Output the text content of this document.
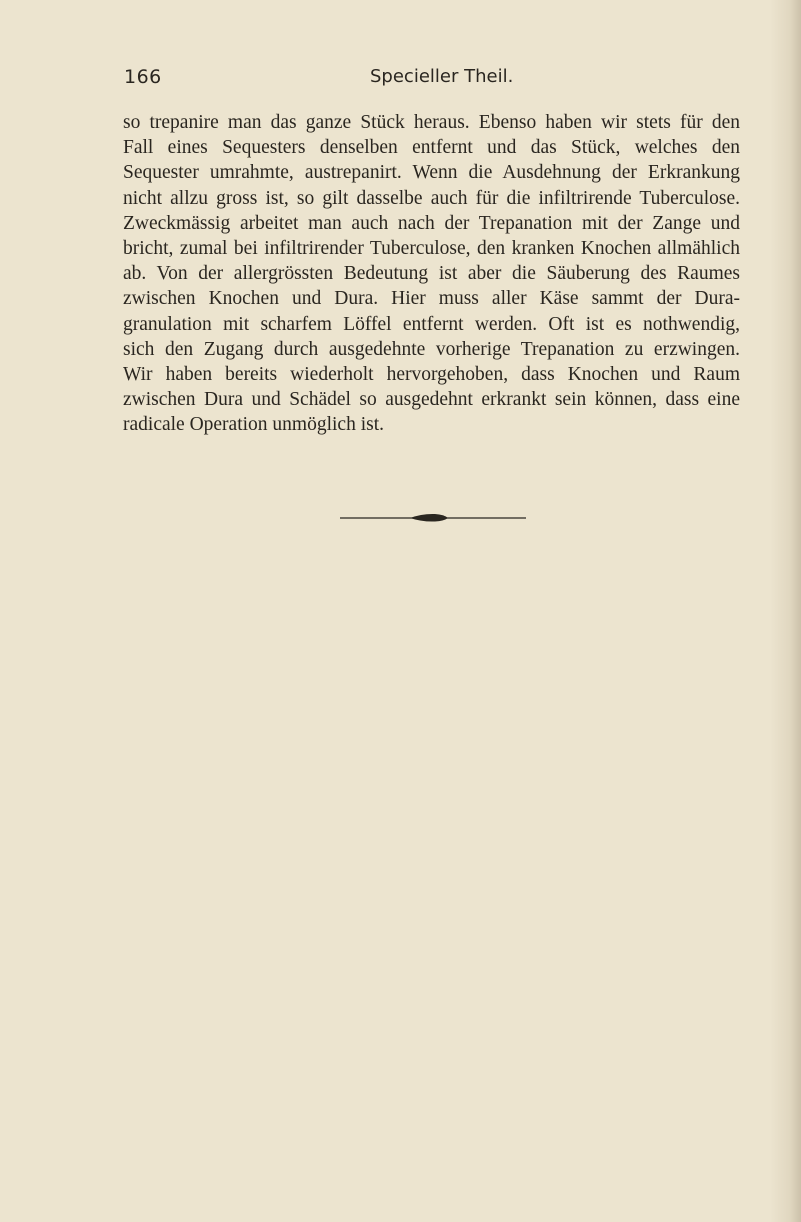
166	Specieller Theil.
so trepanire man das ganze Stück heraus. Ebenso haben wir stets für den
Fall eines Sequesters denselben entfernt und das Stück, welches den
Sequester umrahmte, austrepanirt. Wenn die Ausdehnung der Erkrankung
nicht allzu gross ist, so gilt dasselbe auch für die infiltrirende Tuberculose.
Zweckmässig arbeitet man auch nach der Trepanation mit der Zange und
bricht, zumal bei infiltrirender Tuberculose, den kranken Knochen allmählich
ab. Von der allergrössten Bedeutung ist aber die Säuberung des Raumes
zwischen Knochen und Dura. Hier muss aller Käse sammt der Dura-
granulation mit scharfem Löffel entfernt werden. Oft ist es nothwendig,
sich den Zugang durch ausgedehnte vorherige Trepanation zu erzwingen.
Wir haben bereits wiederholt hervorgehoben, dass Knochen und Raum
zwischen Dura und Schädel so ausgedehnt erkrankt sein können, dass eine
radicale Operation unmöglich ist.
